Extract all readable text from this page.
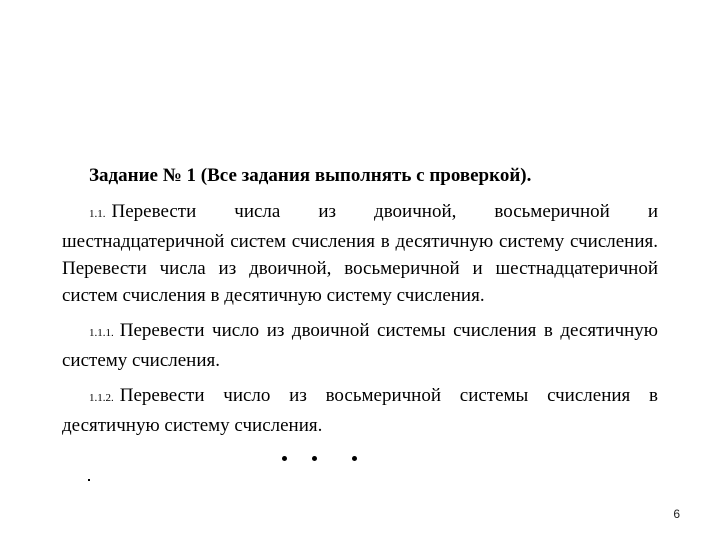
Задание № 1 (Все задания выполнять с проверкой).

1.1. Перевести числа из двоичной, восьмеричной и шестнадцатеричной систем счисления в десятичную систему счисления. Перевести числа из двоичной, восьмеричной и шестнадцатеричной систем счисления в десятичную систему счисления.

1.1.1. Перевести число из двоичной системы счисления в десятичную систему счисления.

1.1.2. Перевести число из восьмеричной системы счисления в десятичную систему счисления.

6
